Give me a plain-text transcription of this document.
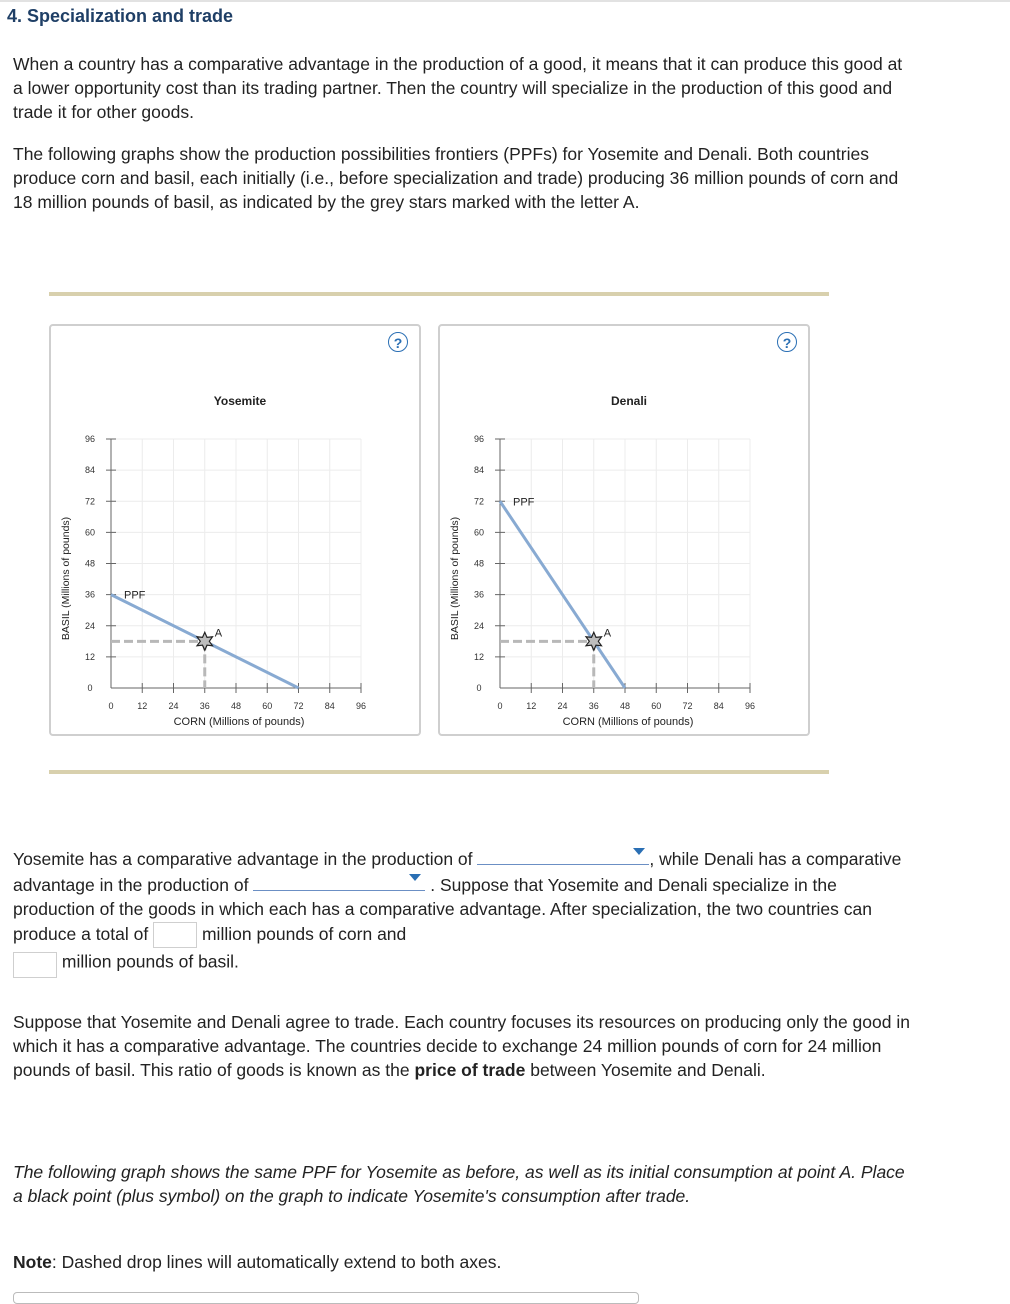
4. Specialization and trade

When a country has a comparative advantage in the production of a good, it means that it can produce this good at a lower opportunity cost than its trading partner. Then the country will specialize in the production of this good and trade it for other goods.

The following graphs show the production possibilities frontiers (PPFs) for Yosemite and Denali. Both countries produce corn and basil, each initially (i.e., before specialization and trade) producing 36 million pounds of corn and 18 million pounds of basil, as indicated by the grey stars marked with the letter A.

?
Yosemite
0	12 24 36 48 60 72 84 96
0
12
24
36
48
60
72
84
96
CORN (Millions of pounds)
BASIL (Millions of pounds)	PPF
A
?
Denali
0	12 24 36 48 60 72 84 96
0
12
24
36
48
60
72
84
96
CORN (Millions of pounds)
BASIL (Millions of pounds)
PPF
A
Yosemite has a comparative advantage in the production of	, while Denali has a comparative advantage in the production of	. Suppose that Yosemite and Denali specialize in the production of the goods in which each has a comparative advantage. After specialization, the two countries can produce a total of	million pounds of corn and
million pounds of basil.

Suppose that Yosemite and Denali agree to trade. Each country focuses its resources on producing only the good in which it has a comparative advantage. The countries decide to exchange 24 million pounds of corn for 24 million pounds of basil. This ratio of goods is known as the price of trade between Yosemite and Denali.

The following graph shows the same PPF for Yosemite as before, as well as its initial consumption at point A. Place a black point (plus symbol) on the graph to indicate Yosemite's consumption after trade.

Note: Dashed drop lines will automatically extend to both axes.
